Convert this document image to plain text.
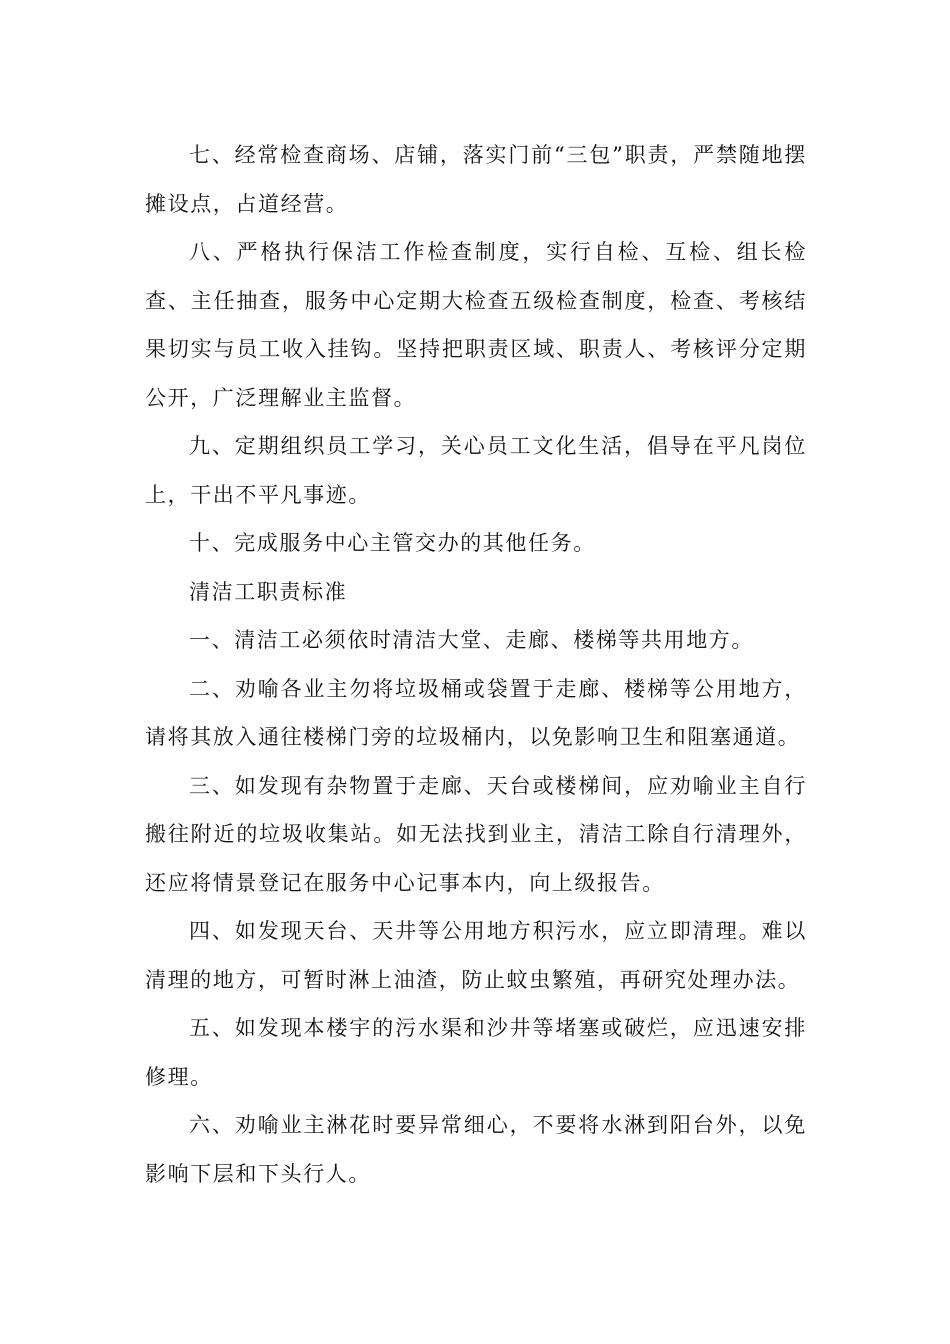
七、经常检查商场、店铺，落实门前“三包”职责，严禁随地摆摊设点，占道经营。

八、严格执行保洁工作检查制度，实行自检、互检、组长检查、主任抽查，服务中心定期大检查五级检查制度，检查、考核结果切实与员工收入挂钩。坚持把职责区域、职责人、考核评分定期公开，广泛理解业主监督。

九、定期组织员工学习，关心员工文化生活，倡导在平凡岗位上，干出不平凡事迹。

十、完成服务中心主管交办的其他任务。

清洁工职责标准

一、清洁工必须依时清洁大堂、走廊、楼梯等共用地方。

二、劝喻各业主勿将垃圾桶或袋置于走廊、楼梯等公用地方，请将其放入通往楼梯门旁的垃圾桶内，以免影响卫生和阻塞通道。

三、如发现有杂物置于走廊、天台或楼梯间，应劝喻业主自行搬往附近的垃圾收集站。如无法找到业主，清洁工除自行清理外，还应将情景登记在服务中心记事本内，向上级报告。

四、如发现天台、天井等公用地方积污水，应立即清理。难以清理的地方，可暂时淋上油渣，防止蚊虫繁殖，再研究处理办法。

五、如发现本楼宇的污水渠和沙井等堵塞或破烂，应迅速安排修理。

六、劝喻业主淋花时要异常细心，不要将水淋到阳台外，以免影响下层和下头行人。
